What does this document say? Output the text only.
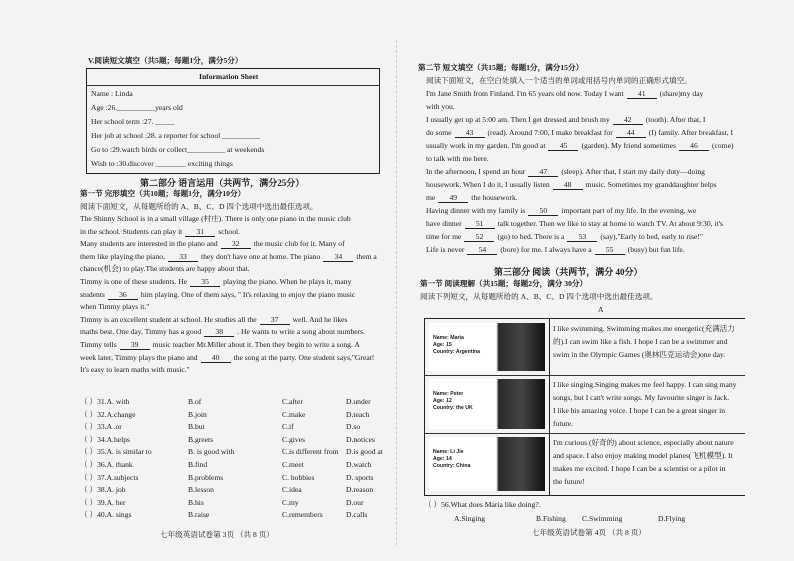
V.阅读短文填空（共5题；每题1分，满分5分）
Information Sheet
Name : Linda
Age :26.__________years old
Her school term :27. _____
Her job at school :28. a reporter for school __________
Go to :29.watch birds or collect__________ at weekends
Wish to :30.discover ________ exciting things
第二部分 语言运用（共两节，满分25分）
第一节 完形填空（共10题；每题1分，满分10分）
阅读下面短文，从每题所给的 A、B、C、D 四个选项中选出最佳选项。
The Shinny School is in a small village (村庄). There is only one piano in the music club
in the school. Students can play it 31 school.
Many students are interested in the piano and 32 the music club for it. Many of
them like playing the piano, 33 they don't have one at home. The piano 34 them a
chance(机会) to play.The students are happy about that.
Timmy is one of these students. He 35 playing the piano. When he plays it, many
students 36 him playing. One of them says, " It's relaxing to enjoy the piano music
when Timmy plays it."
Timmy is an excellent student at school. He studies all the 37 well. And he likes
maths best. One day, Timmy has a good 38 . He wants to write a song about numbers.
Timmy tells 39 music teacher Mr.Miller about it. Then they begin to write a song. A
week later, Timmy plays the piano and 40 the song at the party. One student says,"Great!
It's easy to learn maths with music."
（ ）31.A. with	B.of	C.after	D.under
（ ）32.A.change	B.join	C.make	D.teach
（ ）33.A .or	B.but	C.if	D.so
（ ）34.A.helps	B.greets	C.gives	D.notices
（ ）35.A. is similar to	B. is good with	C.is different from D.is good at
（ ）36.A. thank	B.find	C.meet	D.watch
（ ）37.A.subjects	B.problems	C. hobbies	D. sports
（ ）38.A. job	B.lesson	C.idea	D.reason
（ ）39.A. her	B.his	C.my	D.our
（ ）40.A. sings	B.raise	C.remembers	D.calls
七年级英语试卷第 3页 （共 8 页）
第二节 短文填空（共15题；每题1分，满分15分）
阅读下面短文，在空白处填入一个适当的单词或用括号内单词的正确形式填空。
I'm Jane Smith from Finland. I'm 65 years old now. Today I want 41 (share)my day
with you.
I usually get up at 5:00 am. Then I get dressed and brush my 42 (tooth). After that, I
do some 43 (read). Around 7:00, I make breakfast for 44 (I) family. After breakfast, I
usually work in my garden. I'm good at 45 (garden). My friend sometimes 46 (come)
to talk with me here.
In the afternoon, I spend an hour 47 (sleep). After that, I start my daily duty—doing
housework. When I do it, I usually listen 48 music. Sometimes my granddaughter helps
me 49 the housework.
Having dinner with my family is 50 important part of my life. In the evening, we
have dinner 51 talk together. Then we like to stay at home to watch TV. At about 9:30, it's
time for me 52 (go) to bed. There is a 53 (say),"Early to bed, early to rise!"
Life is never 54 (bore) for me. I always have a 55 (busy) but fun life.
第三部分 阅读（共两节，满分 40分）
第一节 阅读理解（共15题；每题2分，满分 30分）
阅读下列短文，从每题所给的 A、B、C、D 四个选项中选出最佳选项。
A
Name: Maria
Age: 15
Country: Argentina
I like swimming. Swimming makes me energetic(充满活力
的).I can swim like a fish. I hope I can be a swimmer and
swim in the Olympic Games (奥林匹克运动会)one day.
Name: Peter
Age: 12
Country: the UK
I like singing.Singing makes me feel happy. I can sing many
songs, but I can't write songs. My favourite singer is Jack.
I like his amazing voice. I hope I can be a great singer in
future.
Name: Li Jie
Age: 14
Country: China
I'm curious (好奇的) about science, especially about nature
and space. I also enjoy making model planes(飞机模型). It
makes me excited. I hope I can be a scientist or a pilot in
the future!
（ ）56.What does Maria like doing?.
A.Singing	B.Fishing C.Swimming	D.Flying
七年级英语试卷第 4页 （共 8 页）
